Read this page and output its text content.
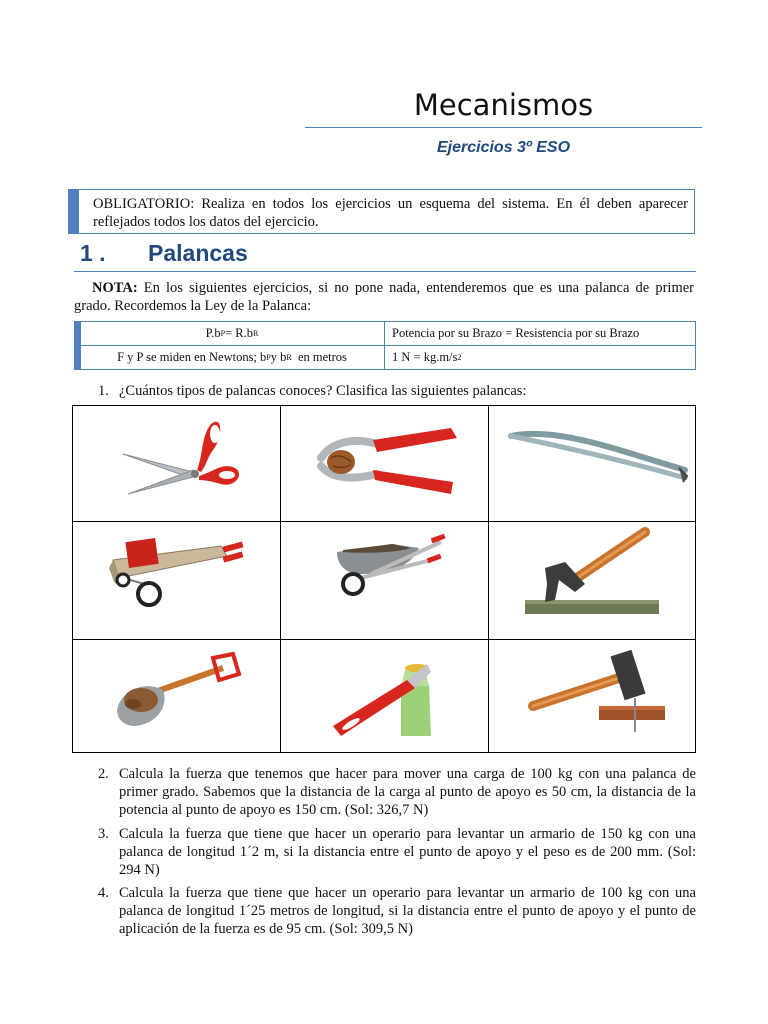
Mecanismos
Ejercicios 3º ESO
OBLIGATORIO: Realiza en todos los ejercicios un esquema del sistema. En él deben aparecer reflejados todos los datos del ejercicio.
1 . Palancas
NOTA: En los siguientes ejercicios, si no pone nada, entenderemos que es una palanca de primer grado. Recordemos la Ley de la Palanca:
P.b P = R.b R	Potencia por su Brazo = Resistencia por su Brazo
F y P se miden en Newtons; b P y b R en metros	1 N = kg.m/s 2
1. ¿Cuántos tipos de palancas conoces? Clasifica las siguientes palancas:
2. Calcula la fuerza que tenemos que hacer para mover una carga de 100 kg con una palanca de primer grado. Sabemos que la distancia de la carga al punto de apoyo es 50 cm, la distancia de la potencia al punto de apoyo es 150 cm. (Sol: 326,7 N)
3. Calcula la fuerza que tiene que hacer un operario para levantar un armario de 150 kg con una palanca de longitud 1´2 m, si la distancia entre el punto de apoyo y el peso es de 200 mm. (Sol: 294 N)
4. Calcula la fuerza que tiene que hacer un operario para levantar un armario de 100 kg con una palanca de longitud 1´25 metros de longitud, si la distancia entre el punto de apoyo y el punto de aplicación de la fuerza es de 95 cm. (Sol: 309,5 N)
